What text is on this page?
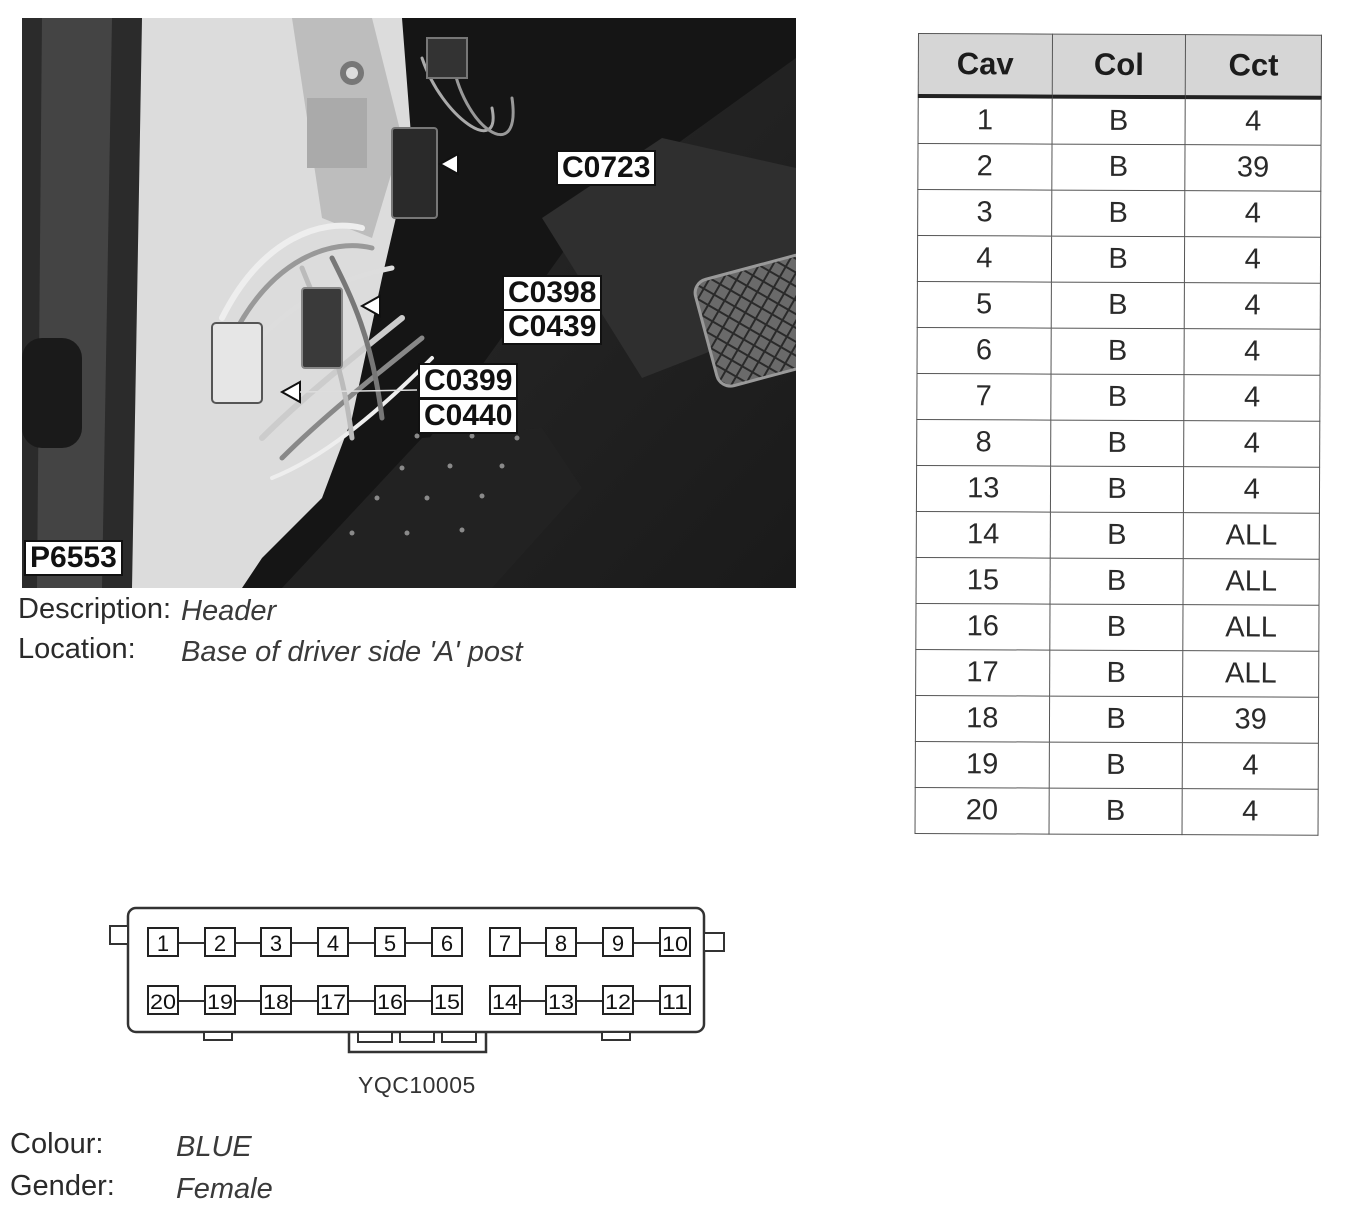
C0723
C0398
C0439
C0399
C0440
P6553
Description: Header
Location: Base of driver side 'A' post
Cav	Col	Cct
1	B	4
2	B	39
3	B	4
4	B	4
5	B	4
6	B	4
7	B	4
8	B	4
13	B	4
14	B	ALL
15	B	ALL
16	B	ALL
17	B	ALL
18	B	39
19	B	4
20	B	4
1 2 3 4 5 6 7 8 9 10
20 19 18 17 16 15 14 13 12 11
YQC10005
Colour:	BLUE
Gender: Female
